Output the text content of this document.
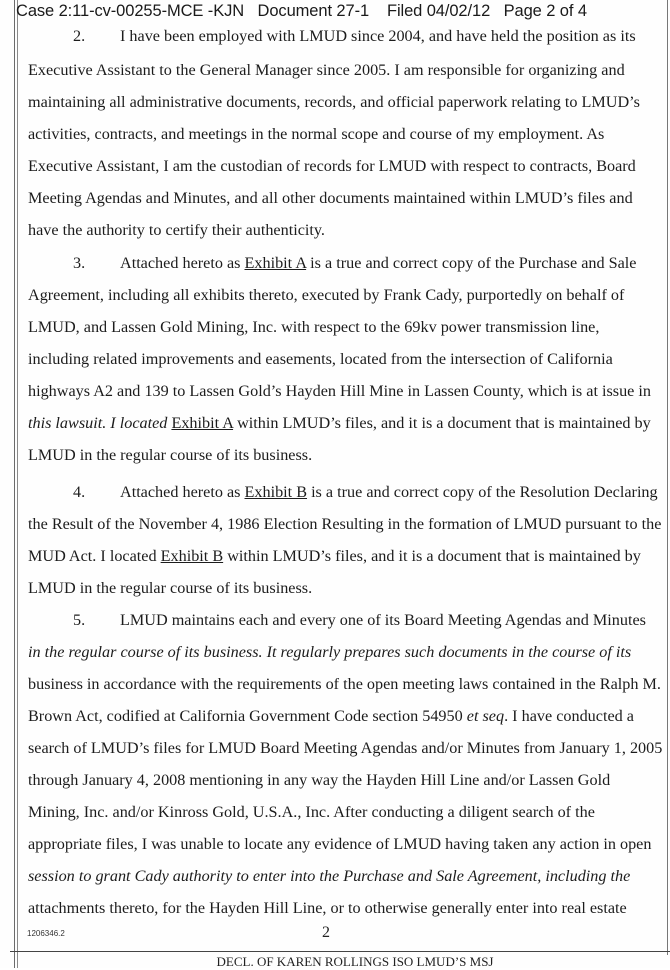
Case 2:11-cv-00255-MCE -KJN   Document 27-1    Filed 04/02/12   Page 2 of 4
2. I have been employed with LMUD since 2004, and have held the position as its
Executive Assistant to the General Manager since 2005. I am responsible for organizing and
maintaining all administrative documents, records, and official paperwork relating to LMUD’s
activities, contracts, and meetings in the normal scope and course of my employment. As
Executive Assistant, I am the custodian of records for LMUD with respect to contracts, Board
Meeting Agendas and Minutes, and all other documents maintained within LMUD’s files and
have the authority to certify their authenticity.
3. Attached hereto as Exhibit A is a true and correct copy of the Purchase and Sale
Agreement, including all exhibits thereto, executed by Frank Cady, purportedly on behalf of
LMUD, and Lassen Gold Mining, Inc. with respect to the 69kv power transmission line,
including related improvements and easements, located from the intersection of California
highways A2 and 139 to Lassen Gold’s Hayden Hill Mine in Lassen County, which is at issue in
this lawsuit. I located Exhibit A within LMUD’s files, and it is a document that is maintained by
LMUD in the regular course of its business.
4. Attached hereto as Exhibit B is a true and correct copy of the Resolution Declaring
the Result of the November 4, 1986 Election Resulting in the formation of LMUD pursuant to the
MUD Act. I located Exhibit B within LMUD’s files, and it is a document that is maintained by
LMUD in the regular course of its business.
5. LMUD maintains each and every one of its Board Meeting Agendas and Minutes
in the regular course of its business. It regularly prepares such documents in the course of its
business in accordance with the requirements of the open meeting laws contained in the Ralph M.
Brown Act, codified at California Government Code section 54950 et seq. I have conducted a
search of LMUD’s files for LMUD Board Meeting Agendas and/or Minutes from January 1, 2005
through January 4, 2008 mentioning in any way the Hayden Hill Line and/or Lassen Gold
Mining, Inc. and/or Kinross Gold, U.S.A., Inc. After conducting a diligent search of the
appropriate files, I was unable to locate any evidence of LMUD having taken any action in open
session to grant Cady authority to enter into the Purchase and Sale Agreement, including the
attachments thereto, for the Hayden Hill Line, or to otherwise generally enter into real estate
1206346.2	2
DECL. OF KAREN ROLLINGS ISO LMUD’S MSJ
